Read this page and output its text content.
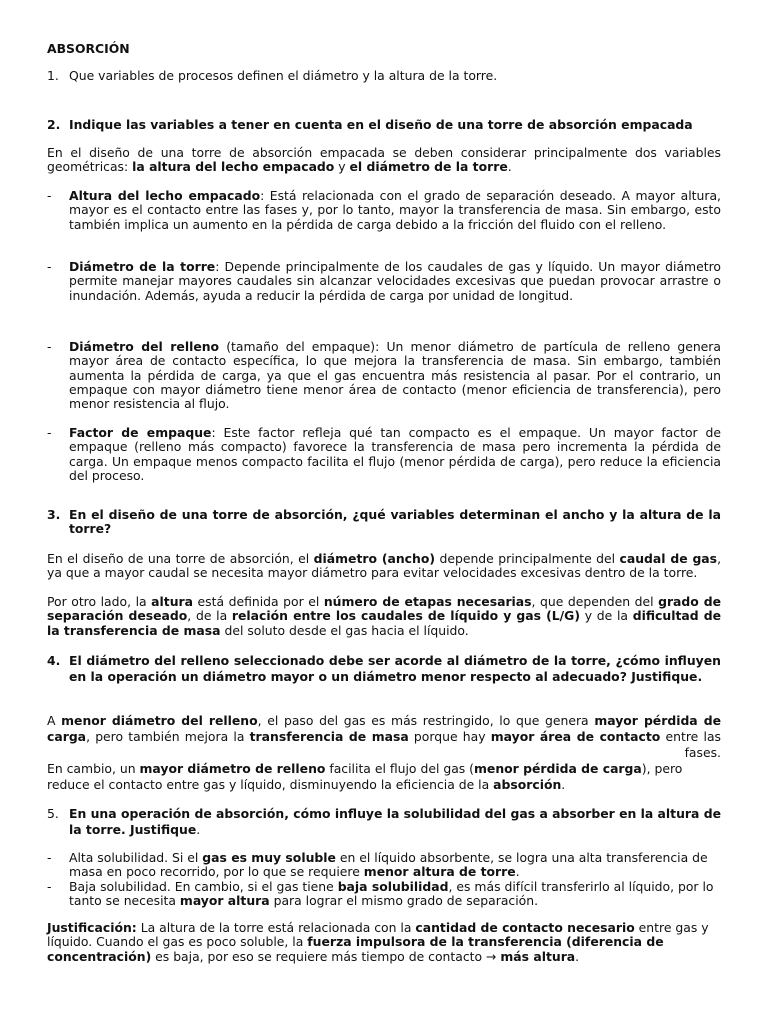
ABSORCIÓN

1. Que variables de procesos definen el diámetro y la altura de la torre.
2. Indique las variables a tener en cuenta en el diseño de una torre de absorción empacada

En el diseño de una torre de absorción empacada se deben considerar principalmente dos variables geométricas: la altura del lecho empacado y el diámetro de la torre.

-	Altura del lecho empacado: Está relacionada con el grado de separación deseado. A mayor altura, mayor es el contacto entre las fases y, por lo tanto, mayor la transferencia de masa. Sin embargo, esto también implica un aumento en la pérdida de carga debido a la fricción del fluido con el relleno.
-	Diámetro de la torre: Depende principalmente de los caudales de gas y líquido. Un mayor diámetro permite manejar mayores caudales sin alcanzar velocidades excesivas que puedan provocar arrastre o inundación. Además, ayuda a reducir la pérdida de carga por unidad de longitud.
-	Diámetro del relleno (tamaño del empaque): Un menor diámetro de partícula de relleno genera mayor área de contacto específica, lo que mejora la transferencia de masa. Sin embargo, también aumenta la pérdida de carga, ya que el gas encuentra más resistencia al pasar. Por el contrario, un empaque con mayor diámetro tiene menor área de contacto (menor eficiencia de transferencia), pero menor resistencia al flujo.
-	Factor de empaque: Este factor refleja qué tan compacto es el empaque. Un mayor factor de empaque (relleno más compacto) favorece la transferencia de masa pero incrementa la pérdida de carga. Un empaque menos compacto facilita el flujo (menor pérdida de carga), pero reduce la eficiencia del proceso.
3. En el diseño de una torre de absorción, ¿qué variables determinan el ancho y la altura de la torre?

En el diseño de una torre de absorción, el diámetro (ancho) depende principalmente del caudal de gas, ya que a mayor caudal se necesita mayor diámetro para evitar velocidades excesivas dentro de la torre.

Por otro lado, la altura está definida por el número de etapas necesarias, que dependen del grado de separación deseado, de la relación entre los caudales de líquido y gas (L/G) y de la dificultad de la transferencia de masa del soluto desde el gas hacia el líquido.

4. El diámetro del relleno seleccionado debe ser acorde al diámetro de la torre, ¿cómo influyen en la operación un diámetro mayor o un diámetro menor respecto al adecuado? Justifique.

A menor diámetro del relleno, el paso del gas es más restringido, lo que genera mayor pérdida de carga, pero también mejora la transferencia de masa porque hay mayor área de contacto entre las

fases.

En cambio, un mayor diámetro de relleno facilita el flujo del gas (menor pérdida de carga), pero reduce el contacto entre gas y líquido, disminuyendo la eficiencia de la absorción.

5. En una operación de absorción, cómo influye la solubilidad del gas a absorber en la altura de la torre. Justifique.
-	Alta solubilidad. Si el gas es muy soluble en el líquido absorbente, se logra una alta transferencia de masa en poco recorrido, por lo que se requiere menor altura de torre.
-	Baja solubilidad. En cambio, si el gas tiene baja solubilidad, es más difícil transferirlo al líquido, por lo tanto se necesita mayor altura para lograr el mismo grado de separación.

Justificación: La altura de la torre está relacionada con la cantidad de contacto necesario entre gas y líquido. Cuando el gas es poco soluble, la fuerza impulsora de la transferencia (diferencia de concentración) es baja, por eso se requiere más tiempo de contacto → más altura.
